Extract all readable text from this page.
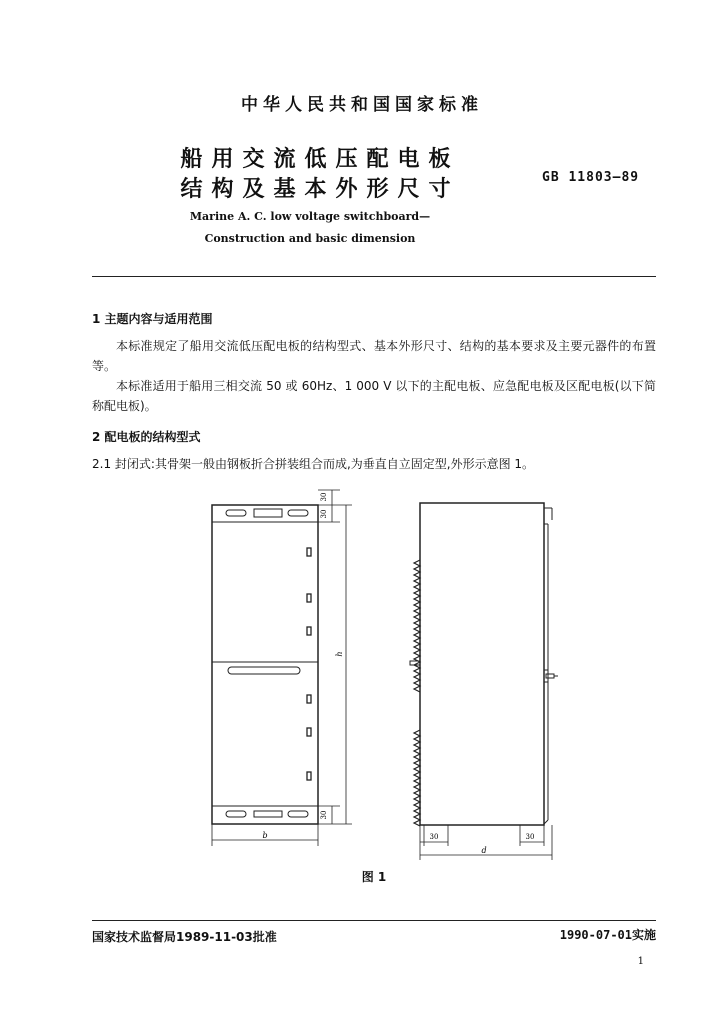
中华人民共和国国家标准
船用交流低压配电板
结构及基本外形尺寸	GB 11803—89
Marine A. C. low voltage switchboard—
Construction and basic dimension
1 主题内容与适用范围
本标准规定了船用交流低压配电板的结构型式、基本外形尺寸、结构的基本要求及主要元器件的布置等。
本标准适用于船用三相交流 50 或 60Hz、1 000 V 以下的主配电板、应急配电板及区配电板(以下简称配电板)。
2 配电板的结构型式
2.1 封闭式:其骨架一般由钢板折合拼装组合而成,为垂直自立固定型,外形示意图 1。
30
30
30
h
b	30	30
d
图 1
国家技术监督局1989-11-03批准	1990-07-01实施
1
